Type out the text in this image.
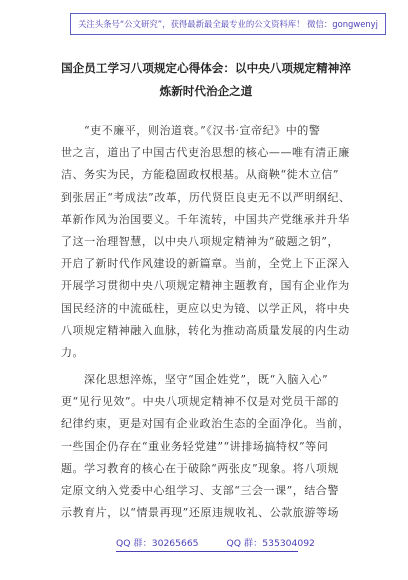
关注头条号“公文研究”，获得最新最全最专业的公文资料库！ 微信：gongwenyj
国企员工学习八项规定心得体会：以中央八项规定精神淬
炼新时代治企之道

“吏不廉平，则治道衰。”《汉书·宣帝纪》中的警
世之言，道出了中国古代吏治思想的核心——唯有清正廉
洁、务实为民，方能稳固政权根基。从商鞅“徙木立信”
到张居正“考成法”改革，历代贤臣良吏无不以严明纲纪、
革新作风为治国要义。千年流转，中国共产党继承并升华
了这一治理智慧，以中央八项规定精神为“破题之钥”，
开启了新时代作风建设的新篇章。当前，全党上下正深入
开展学习贯彻中央八项规定精神主题教育，国有企业作为
国民经济的中流砥柱，更应以史为镜、以学正风，将中央
八项规定精神融入血脉，转化为推动高质量发展的内生动
力。

深化思想淬炼，坚守“国企姓党”，既“入脑入心”
更“见行见效”。中央八项规定精神不仅是对党员干部的
纪律约束，更是对国有企业政治生态的全面净化。当前，
一些国企仍存在“重业务轻党建”“讲排场搞特权”等问
题。学习教育的核心在于破除“两张皮”现象。将八项规
定原文纳入党委中心组学习、支部“三会一课”，结合警
示教育片，以“情景再现”还原违规收礼、公款旅游等场

QQ 群：30265665	QQ 群：535304092
